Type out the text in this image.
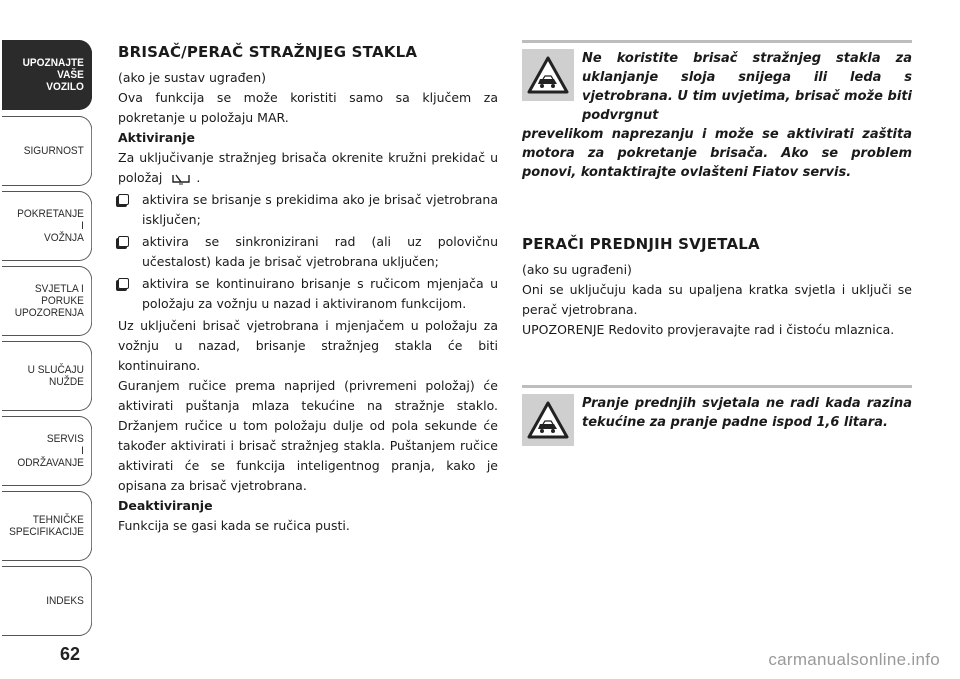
UPOZNAJTE
VAŠE
VOZILO
SIGURNOST
POKRETANJE
I
VOŽNJA
SVJETLA I
PORUKE
UPOZORENJA
U SLUČAJU
NUŽDE
SERVIS
I
ODRŽAVANJE
TEHNIČKE
SPECIFIKACIJE
INDEKS
62
BRISAČ/PERAČ STRAŽNJEG STAKLA

(ako je sustav ugrađen)

Ova funkcija se može koristiti samo sa ključem za pokretanje u položaju MAR.

Aktiviranje

Za uključivanje stražnjeg brisača okrenite kružni prekidač u položaj	.

aktivira se brisanje s prekidima ako je brisač vjetrobrana isključen;
aktivira se sinkronizirani rad (ali uz polovičnu učestalost) kada je brisač vjetrobrana uključen;
aktivira se kontinuirano brisanje s ručicom mjenjača u položaju za vožnju u nazad i aktiviranom funkcijom.

Uz uključeni brisač vjetrobrana i mjenjačem u položaju za vožnju u nazad, brisanje stražnjeg stakla će biti kontinuirano.

Guranjem ručice prema naprijed (privremeni položaj) će aktivirati puštanja mlaza tekućine na stražnje staklo. Držanjem ručice u tom položaju dulje od pola sekunde će također aktivirati i brisač stražnjeg stakla. Puštanjem ručice aktivirati će se funkcija inteligentnog pranja, kako je opisana za brisač vjetrobrana.

Deaktiviranje

Funkcija se gasi kada se ručica pusti.

Ne koristite brisač stražnjeg stakla za uklanjanje sloja snijega ili leda s vjetrobrana. U tim uvjetima, brisač može biti podvrgnut
prevelikom naprezanju i može se aktivirati zaštita motora za pokretanje brisača. Ako se problem ponovi, kontaktirajte ovlašteni Fiatov servis.
PERAČI PREDNJIH SVJETALA

(ako su ugrađeni)

Oni se uključuju kada su upaljena kratka svjetla i uključi se perač vjetrobrana.

UPOZORENJE Redovito provjeravajte rad i čistoću mlaznica.

Pranje prednjih svjetala ne radi kada razina tekućine za pranje padne ispod 1,6 litara.
carmanualsonline.info
